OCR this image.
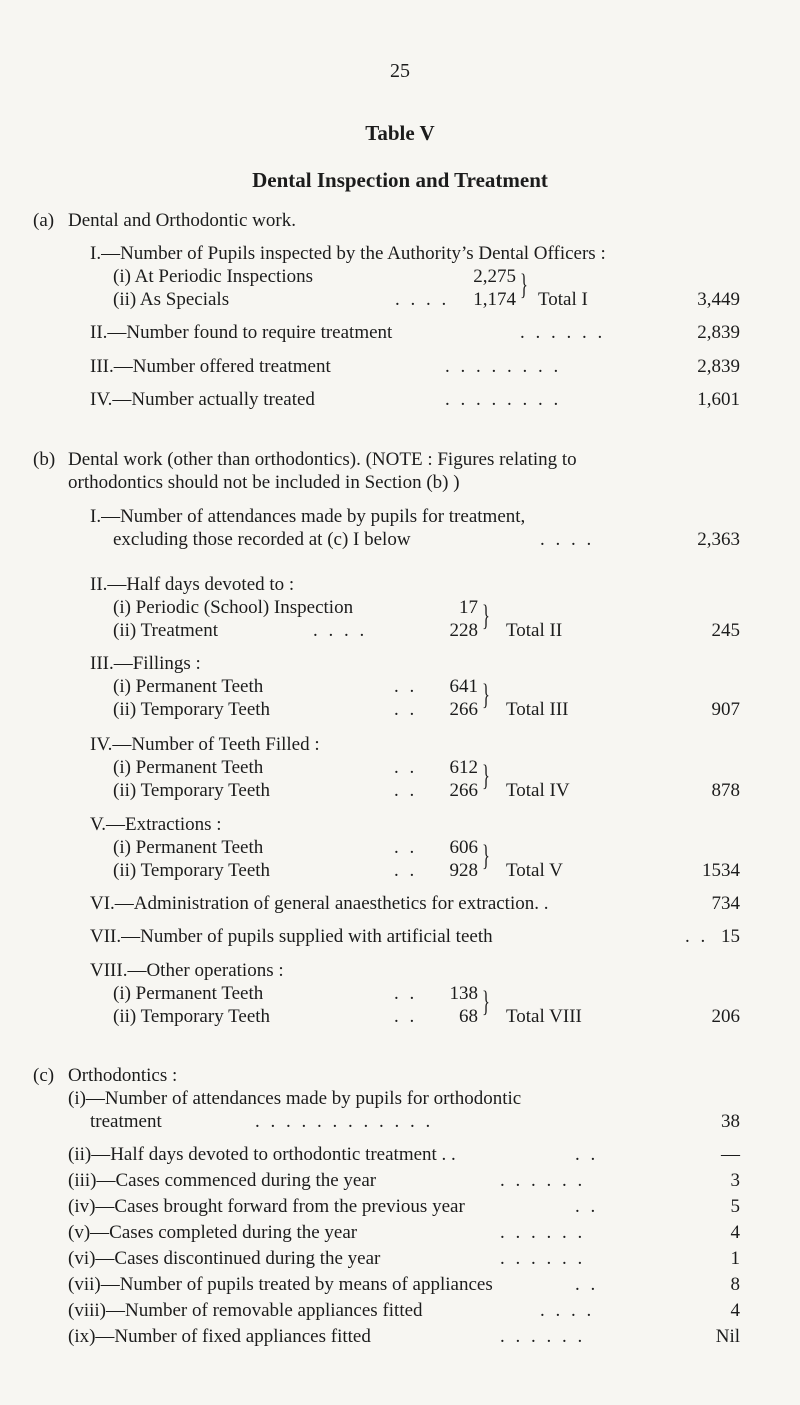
25
Table V
Dental Inspection and Treatment
(a) Dental and Orthodontic work.
I.—Number of Pupils inspected by the Authority’s Dental Officers :
(i) At Periodic Inspections	2,275
(ii) As Specials	. . . .	1,174 } Total I	3,449
II.—Number found to require treatment	. . . . . .	2,839
III.—Number offered treatment	. . . . . . . .	2,839
IV.—Number actually treated	. . . . . . . .	1,601
(b) Dental work (other than orthodontics). (NOTE : Figures relating to
orthodontics should not be included in Section (b) )
I.—Number of attendances made by pupils for treatment,
excluding those recorded at (c) I below	. . . .	2,363
II.—Half days devoted to :
(i) Periodic (School) Inspection	17
(ii) Treatment	. . . .	228 } Total II	245
III.—Fillings :
(i) Permanent Teeth	. .	641
(ii) Temporary Teeth	. .	266 } Total III	907
IV.—Number of Teeth Filled :
(i) Permanent Teeth	. .	612
(ii) Temporary Teeth	. .	266 } Total IV	878
V.—Extractions :
(i) Permanent Teeth	. .	606
(ii) Temporary Teeth	. .	928 } Total V	1534
VI.—Administration of general anaesthetics for extraction. .	734
VII.—Number of pupils supplied with artificial teeth	. . 15
VIII.—Other operations :
(i) Permanent Teeth	. .	138
(ii) Temporary Teeth	. .	68 } Total VIII	206
(c) Orthodontics :
(i)—Number of attendances made by pupils for orthodontic
treatment	. . . . . . . . . . . .	38
(ii)—Half days devoted to orthodontic treatment . .	. .	—
(iii)—Cases commenced during the year	. . . . . .	3
(iv)—Cases brought forward from the previous year	. .	5
(v)—Cases completed during the year	. . . . . .	4
(vi)—Cases discontinued during the year	. . . . . .	1
(vii)—Number of pupils treated by means of appliances	. .	8
(viii)—Number of removable appliances fitted	. . . .	4
(ix)—Number of fixed appliances fitted	. . . . . .	Nil
